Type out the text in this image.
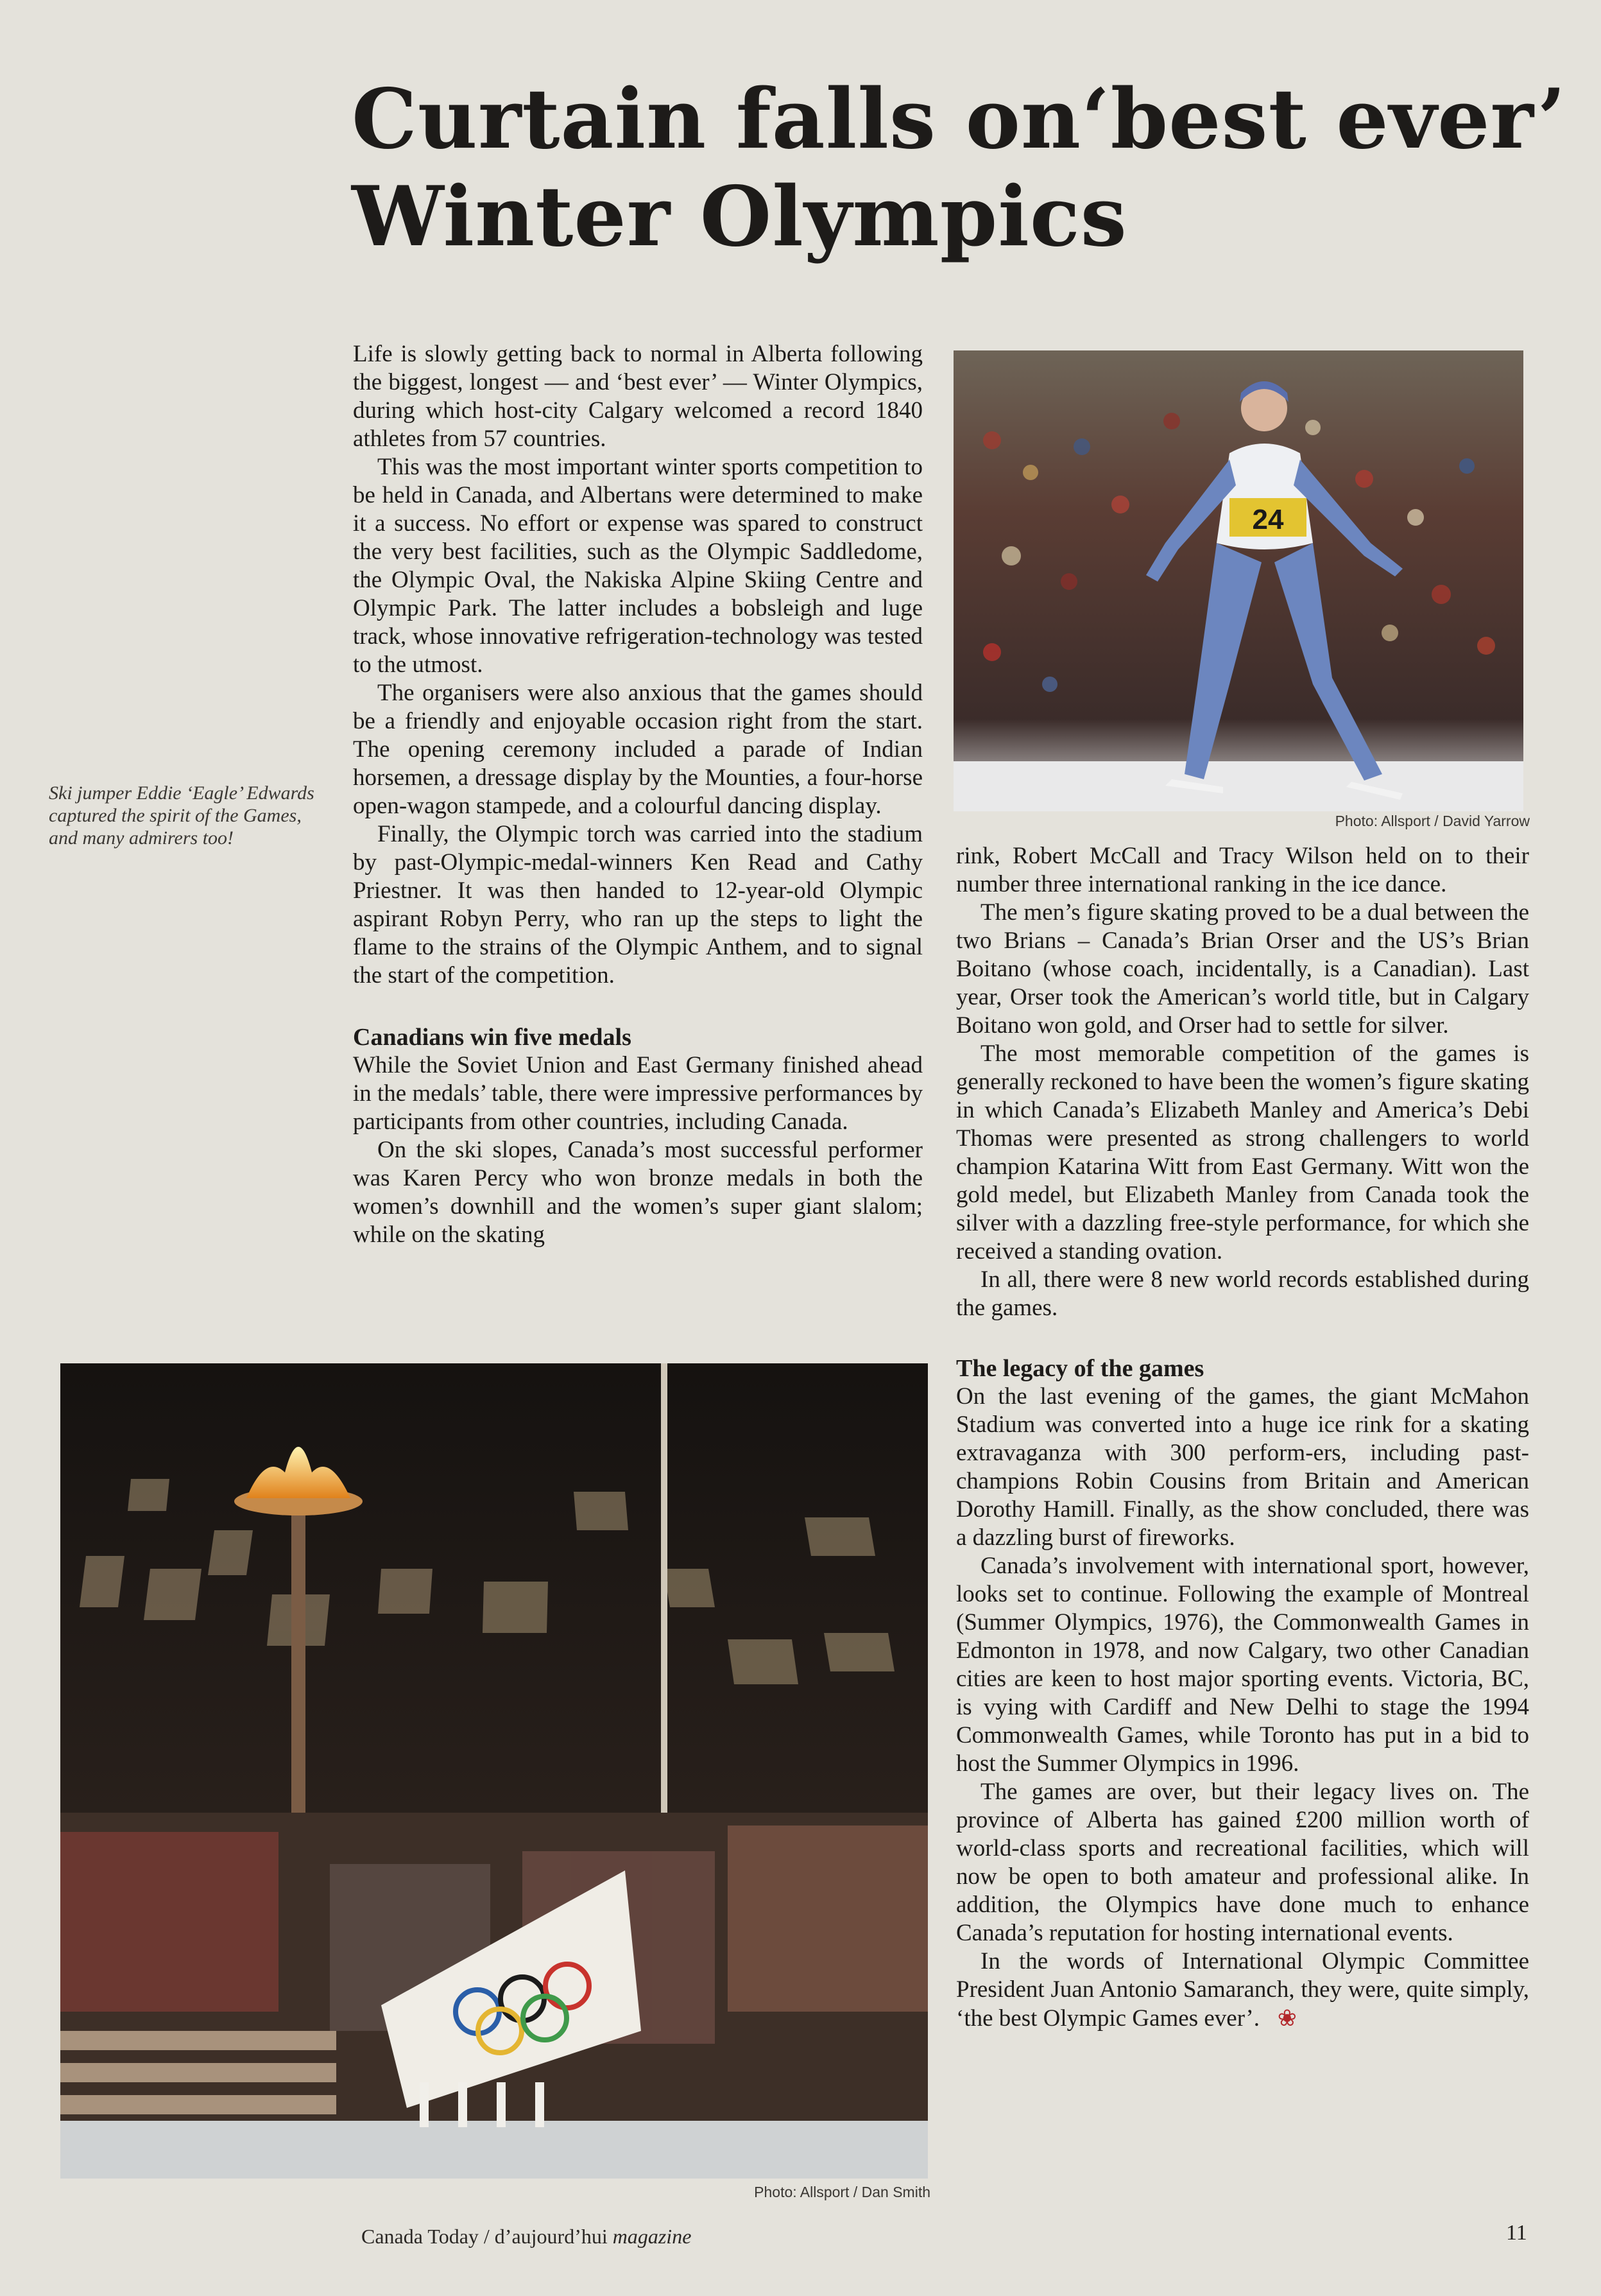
Curtain falls on‘best ever’
Winter Olympics
24
Photo: Allsport / David Yarrow
Ski jumper Eddie ‘Eagle’ Edwards captured the spirit of the Games, and many admirers too!

Life is slowly getting back to normal in Alberta following the biggest, longest — and ‘best ever’ — Winter Olympics, during which host-city Calgary welcomed a record 1840 athletes from 57 countries.

This was the most important winter sports competition to be held in Canada, and Albertans were determined to make it a success. No effort or expense was spared to construct the very best facilities, such as the Olympic Saddledome, the Olympic Oval, the Nakiska Alpine Skiing Centre and Olympic Park. The latter includes a bobsleigh and luge track, whose innovative refrigeration-technology was tested to the utmost.

The organisers were also anxious that the games should be a friendly and enjoyable occasion right from the start. The opening ceremony included a parade of Indian horsemen, a dressage display by the Mounties, a four-horse open-wagon stampede, and a colourful dancing display.

Finally, the Olympic torch was carried into the stadium by past-Olympic-medal-winners Ken Read and Cathy Priestner. It was then handed to 12-year-old Olympic aspirant Robyn Perry, who ran up the steps to light the flame to the strains of the Olympic Anthem, and to signal the start of the competition.

Canadians win five medals

While the Soviet Union and East Germany finished ahead in the medals’ table, there were impressive performances by participants from other countries, including Canada.

On the ski slopes, Canada’s most successful performer was Karen Percy who won bronze medals in both the women’s downhill and the women’s super giant slalom; while on the skating

rink, Robert McCall and Tracy Wilson held on to their number three international ranking in the ice dance.

The men’s figure skating proved to be a dual between the two Brians – Canada’s Brian Orser and the US’s Brian Boitano (whose coach, incidentally, is a Canadian). Last year, Orser took the American’s world title, but in Calgary Boitano won gold, and Orser had to settle for silver.

The most memorable competition of the games is generally reckoned to have been the women’s figure skating in which Canada’s Elizabeth Manley and America’s Debi Thomas were presented as strong challengers to world champion Katarina Witt from East Germany. Witt won the gold medel, but Elizabeth Manley from Canada took the silver with a dazzling free-style performance, for which she received a standing ovation.

In all, there were 8 new world records established during the games.

The legacy of the games

On the last evening of the games, the giant McMahon Stadium was converted into a huge ice rink for a skating extravaganza with 300 perform-ers, including past-champions Robin Cousins from Britain and American Dorothy Hamill. Finally, as the show concluded, there was a dazzling burst of fireworks.

Canada’s involvement with international sport, however, looks set to continue. Following the example of Montreal (Summer Olympics, 1976), the Commonwealth Games in Edmonton in 1978, and now Calgary, two other Canadian cities are keen to host major sporting events. Victoria, BC, is vying with Cardiff and New Delhi to stage the 1994 Commonwealth Games, while Toronto has put in a bid to host the Summer Olympics in 1996.

The games are over, but their legacy lives on. The province of Alberta has gained £200 million worth of world-class sports and recreational facilities, which will now be open to both amateur and professional alike. In addition, the Olympics have done much to enhance Canada’s reputation for hosting international events.

In the words of International Olympic Committee President Juan Antonio Samaranch, they were, quite simply, ‘the best Olympic Games ever’. ❀

Photo: Allsport / Dan Smith
Canada Today / d’aujourd’hui magazine	11
